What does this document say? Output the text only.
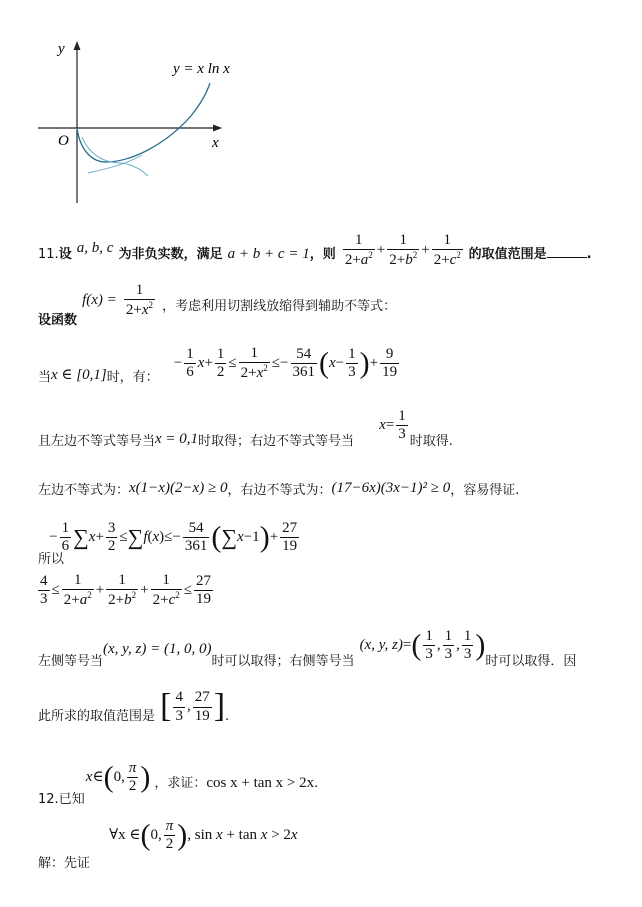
y
x
O
y = x ln x
11.设 a, b, c 为非负实数，满足 a + b + c = 1，则 $\frac{1}{2+a^2} + \frac{1}{2+b^2} + \frac{1}{2+c^2}$ 的取值范围是	.
$_{设函数}$ $f(x) = \frac{1}{2+x^2}$ ，考虑利用切割线放缩得到辅助不等式：
$_当$x ∈ $[0,1]_{时,有:} - \frac{1}{6} x+ \frac{1}{2} \le \frac{1}{2+x^2} \le- \frac{54}{361} (x- \frac{1}{3}$ )+ $\frac{9}{19}$
$_{且左边不等式等号当}x = 0,1_{时取得;右边不等式等号当}$ $x= \frac{1}{3} _{时取得.}$
左边不等式为：x(1−x)(2−x) ≥ 0，右边不等式为：(17−6x)(3x−1)² ≥ 0，容易得证.
$_{所以} - \frac{1}{6} \sum x+ \frac{3}{2} \le\sum f(x)\le- \frac{54}{361} (\sum x-1)+ \frac{27}{19}$
$\frac{4}{3} \le \frac{1}{2+a^2} + \frac{1}{2+b^2} + \frac{1}{2+c^2} \le \frac{27}{19}$
$_{左侧等号当}$(x, y, z) = (1, 0, $0)_{时可以取得;右侧等号当}$ (x, y, $z)=( \frac{1}{3}$ , $\frac{1}{3}$ , $\frac{1}{3} )_{时可以取得.因}$
$_{此所求的取值范围是}$ [ $\frac{4}{3}$ , $\frac{27}{19} ]_.$
$_{12.已知}$ x∈(0, $\frac{\pi}{2}$ ) $_{,求证:}$cos $x + \tan x > 2x_.$
$_{解:先证}$ ∀x ∈(0, $\frac{\pi}{2}$ ), sin x + tan x > 2x
